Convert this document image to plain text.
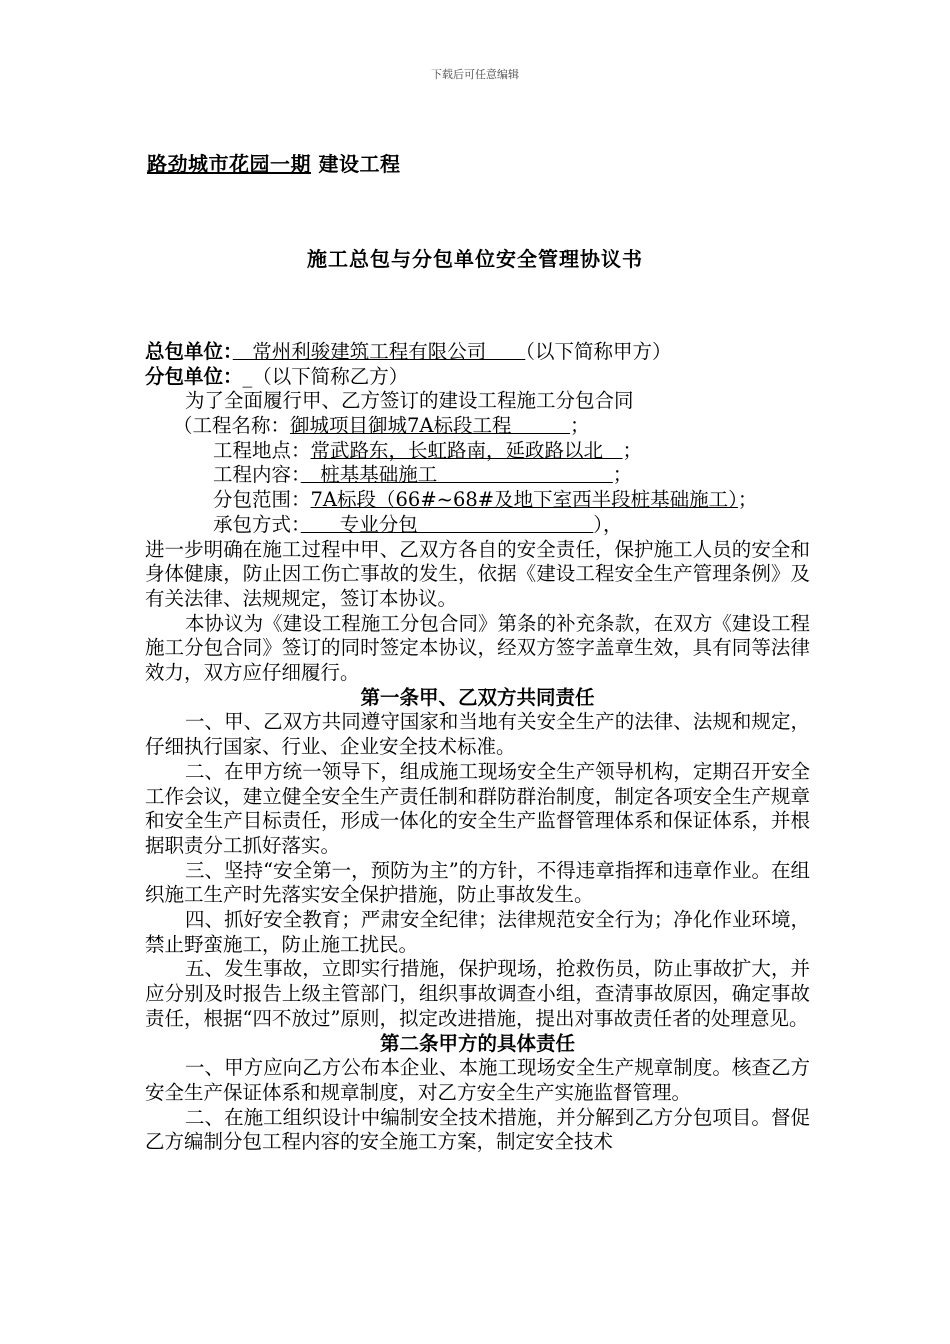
下载后可任意编辑
路劲城市花园一期 建设工程
施工总包与分包单位安全管理协议书
总包单位：　常州利骏建筑工程有限公司　　（以下简称甲方）
分包单位：_（以下简称乙方）
为了全面履行甲、乙方签订的建设工程施工分包合同
（工程名称：御城项目御城7A标段工程　　　；
工程地点：常武路东，长虹路南，延政路以北　；
工程内容：　桩基基础施工　　　　　　　　　；
分包范围：7A标段（66#~68#及地下室西半段桩基础施工）；
承包方式：　　专业分包　　　　　　　　　），
进一步明确在施工过程中甲、乙双方各自的安全责任，保护施工人员的安全和身体健康，防止因工伤亡事故的发生，依据《建设工程安全生产管理条例》及有关法律、法规规定，签订本协议。
本协议为《建设工程施工分包合同》第条的补充条款，在双方《建设工程施工分包合同》签订的同时签定本协议，经双方签字盖章生效，具有同等法律效力，双方应仔细履行。
第一条甲、乙双方共同责任
一、甲、乙双方共同遵守国家和当地有关安全生产的法律、法规和规定，仔细执行国家、行业、企业安全技术标准。
二、在甲方统一领导下，组成施工现场安全生产领导机构，定期召开安全工作会议，建立健全安全生产责任制和群防群治制度，制定各项安全生产规章和安全生产目标责任，形成一体化的安全生产监督管理体系和保证体系，并根据职责分工抓好落实。
三、坚持“安全第一，预防为主”的方针，不得违章指挥和违章作业。在组织施工生产时先落实安全保护措施，防止事故发生。
四、抓好安全教育；严肃安全纪律；法律规范安全行为；净化作业环境，禁止野蛮施工，防止施工扰民。
五、发生事故，立即实行措施，保护现场，抢救伤员，防止事故扩大，并应分别及时报告上级主管部门，组织事故调查小组，查清事故原因，确定事故责任，根据“四不放过”原则，拟定改进措施，提出对事故责任者的处理意见。
第二条甲方的具体责任
一、甲方应向乙方公布本企业、本施工现场安全生产规章制度。核查乙方安全生产保证体系和规章制度，对乙方安全生产实施监督管理。
二、在施工组织设计中编制安全技术措施，并分解到乙方分包项目。督促乙方编制分包工程内容的安全施工方案，制定安全技术
